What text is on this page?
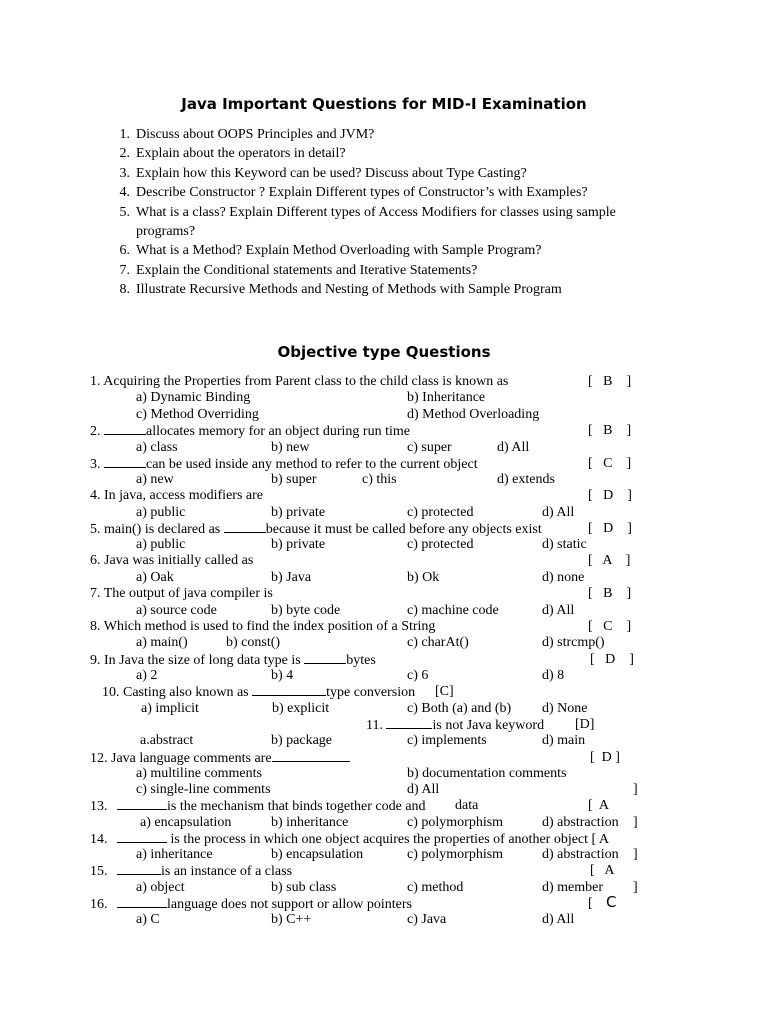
Java Important Questions for MID-I Examination
1. Discuss about OOPS Principles and JVM?
2. Explain about the operators in detail?
3. Explain how this Keyword can be used? Discuss about Type Casting?
4. Describe Constructor ? Explain Different types of Constructor’s with Examples?
5. What is a class? Explain Different types of Access Modifiers for classes using sample
programs?
6. What is a Method? Explain Method Overloading with Sample Program?
7. Explain the Conditional statements and Iterative Statements?
8. Illustrate Recursive Methods and Nesting of Methods with Sample Program
Objective type Questions
1. Acquiring the Properties from Parent class to the child class is known as	[   B    ]
a) Dynamic Binding	b) Inheritance
c) Method Overriding	d) Method Overloading
2.	allocates memory for an object during run time	[   B    ]
a) class	b) new	c) super	d) All
3.	can be used inside any method to refer to the current object	[   C    ]
a) new	b) super	c) this	d) extends
4. In java, access modifiers are	[   D    ]
a) public	b) private	c) protected	d) All
5. main() is declared as	because it must be called before any objects exist	[   D    ]
a) public	b) private	c) protected	d) static
6. Java was initially called as	[   A    ]
a) Oak	b) Java	b) Ok	d) none
7. The output of java compiler is	[   B    ]
a) source code	b) byte code	c) machine code	d) All
8. Which method is used to find the index position of a String	[   C    ]
a) main()	b) const()	c) charAt()	d) strcmp()
9. In Java the size of long data type is	bytes	[   D    ]
a) 2	b) 4	c) 6	d) 8
10. Casting also known as	type conversion [C]
a) implicit	b) explicit	c) Both (a) and (b) d) None
11.	is not Java keyword [D]
a.abstract	b) package	c) implements	d) main
12. Java language comments are	[  D ]
a) multiline comments	b) documentation comments
c) single-line comments	d) All	]
13.	is the mechanism that binds together code and data	[  A
a) encapsulation	b) inheritance	c) polymorphism	d) abstraction ]
14.	is the process in which one object acquires the properties of another object [ A
a) inheritance	b) encapsulation	c) polymorphism	d) abstraction ]
15.	is an instance of a class	[   A
a) object	b) sub class	c) method	d) member ]
16.	language does not support or allow pointers	[ C
a) C	b) C++	c) Java	d) All
